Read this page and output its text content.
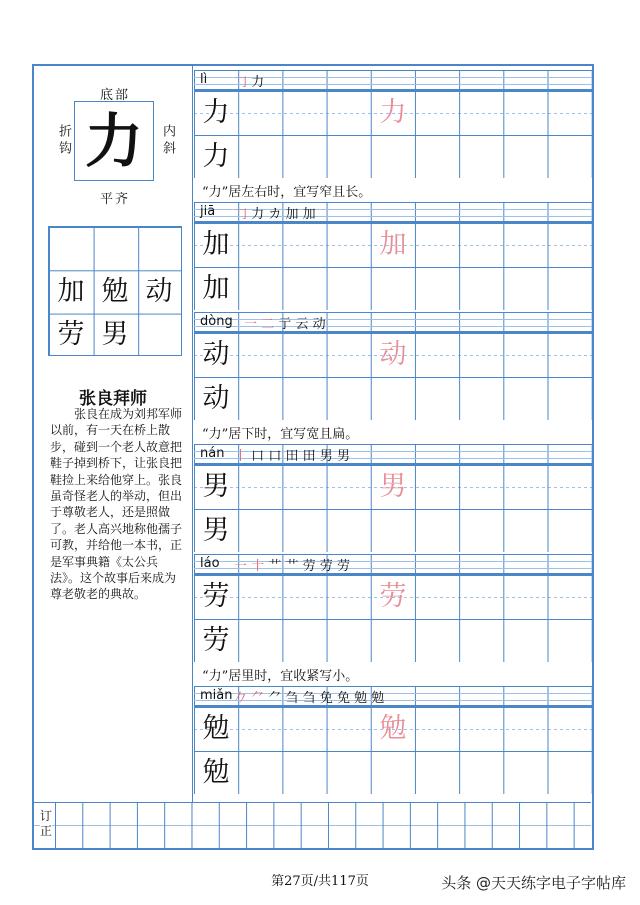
底部
折钩 力	内斜
平齐
加 勉 动
劳 男
张良拜师
张良在成为刘邦军师以前，有一天在桥上散步，碰到一个老人故意把鞋子掉到桥下，让张良把鞋捡上来给他穿上。张良虽奇怪老人的举动，但出于尊敬老人，还是照做了。老人高兴地称他孺子可教，并给他一本书，正是军事典籍《太公兵法》。这个故事后来成为尊老敬老的典故。
lì 𠃌 力
力
力
力
“力”居左右时，宜写窄且长。
jiā 𠃌 力 カ 加 加
加
加
加
dòng 一 二 亍 云 动
动
动
动
“力”居下时，宜写宽且扁。
nán 丨 口 口 田 田 男 男
男
男
男
láo 一 十 艹 艹 劳 劳 劳
劳
劳
劳
“力”居里时，宜收紧写小。
miǎn 𠂊 ⺈ ⺈ 刍 刍 免 免 勉 勉
勉
勉
勉
订正
第27页/共117页	头条 @天天练字电子字帖库
